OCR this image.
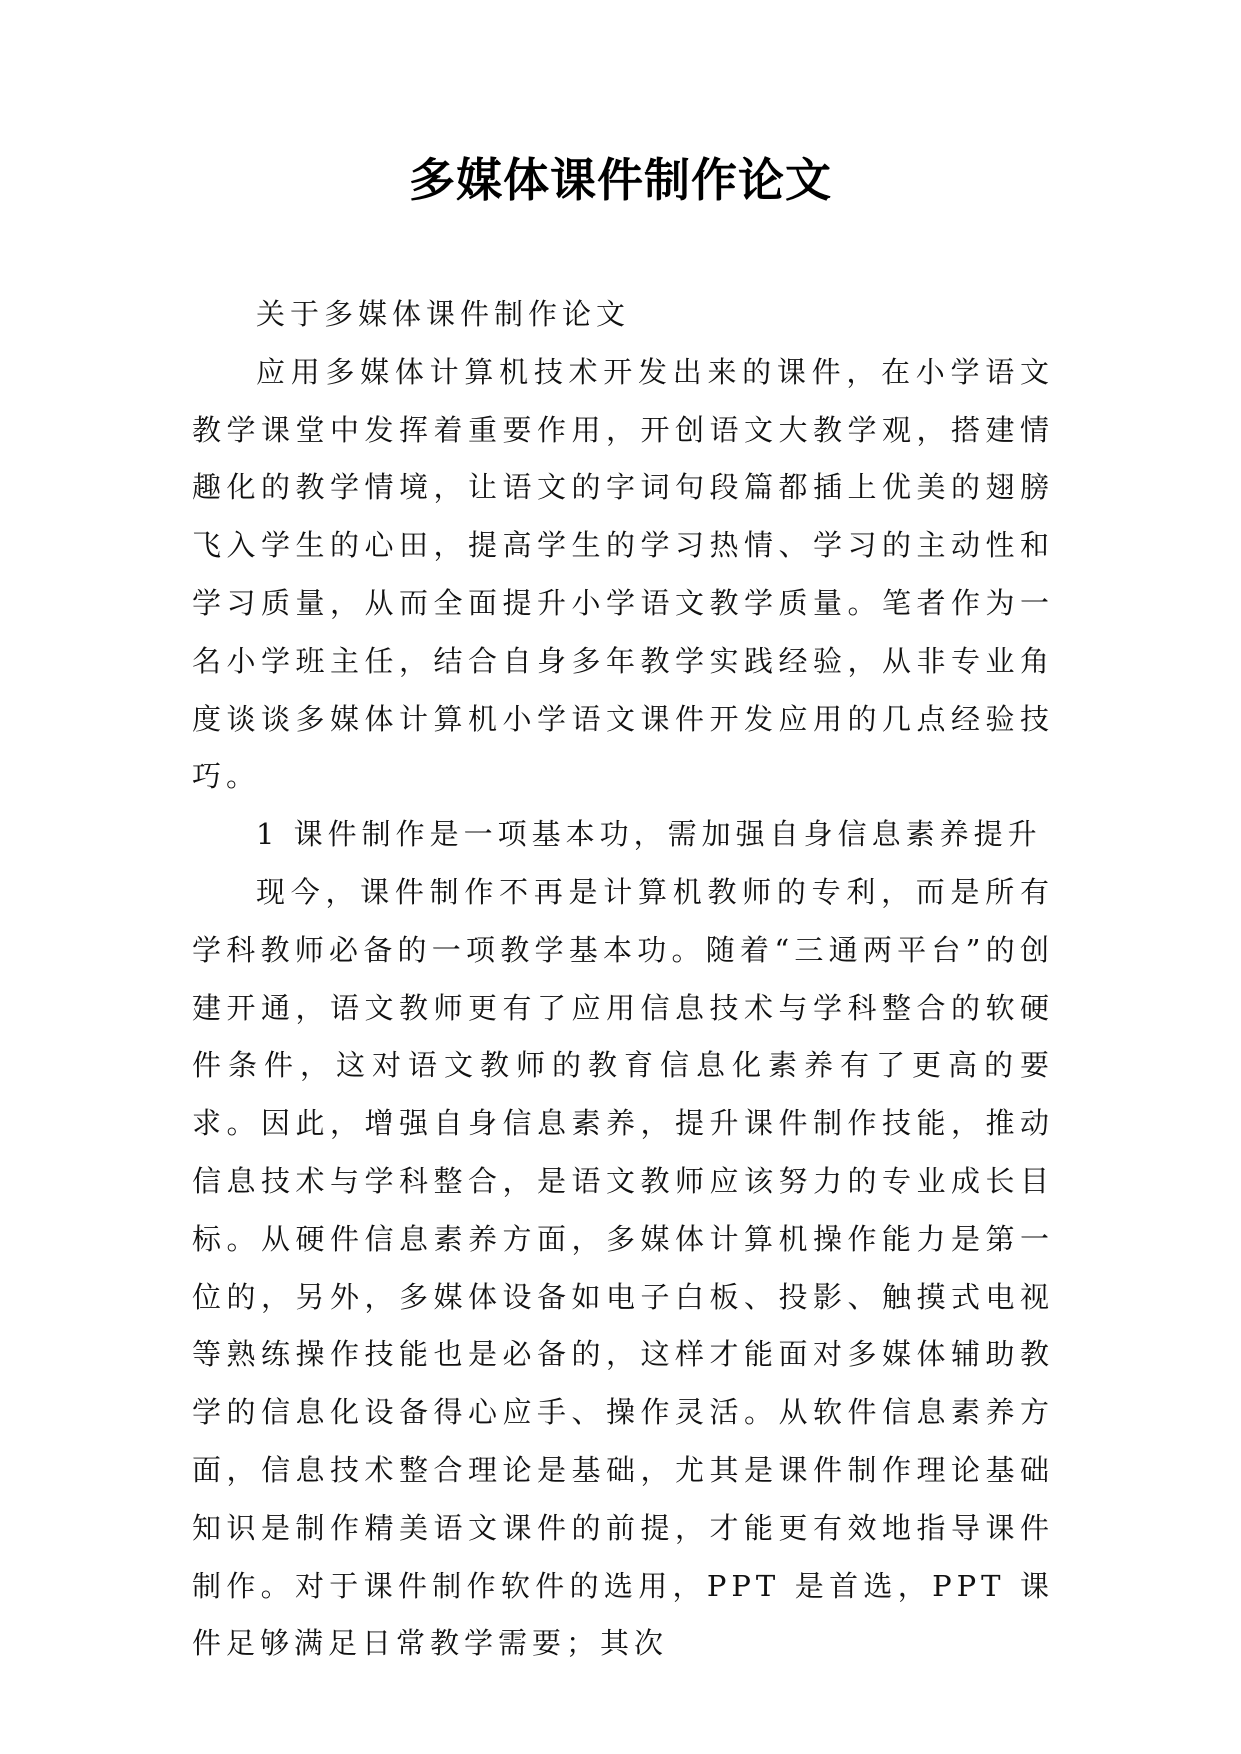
多媒体课件制作论文

关于多媒体课件制作论文

应用多媒体计算机技术开发出来的课件，在小学语文教学课堂中发挥着重要作用，开创语文大教学观，搭建情趣化的教学情境，让语文的字词句段篇都插上优美的翅膀飞入学生的心田，提高学生的学习热情、学习的主动性和学习质量，从而全面提升小学语文教学质量。笔者作为一名小学班主任，结合自身多年教学实践经验，从非专业角度谈谈多媒体计算机小学语文课件开发应用的几点经验技巧。

1 课件制作是一项基本功，需加强自身信息素养提升

现今，课件制作不再是计算机教师的专利，而是所有学科教师必备的一项教学基本功。随着“三通两平台”的创建开通，语文教师更有了应用信息技术与学科整合的软硬件条件，这对语文教师的教育信息化素养有了更高的要求。因此，增强自身信息素养，提升课件制作技能，推动信息技术与学科整合，是语文教师应该努力的专业成长目标。从硬件信息素养方面，多媒体计算机操作能力是第一位的，另外，多媒体设备如电子白板、投影、触摸式电视等熟练操作技能也是必备的，这样才能面对多媒体辅助教学的信息化设备得心应手、操作灵活。从软件信息素养方面，信息技术整合理论是基础，尤其是课件制作理论基础知识是制作精美语文课件的前提，才能更有效地指导课件制作。对于课件制作软件的选用，PPT 是首选，PPT 课件足够满足日常教学需要；其次
